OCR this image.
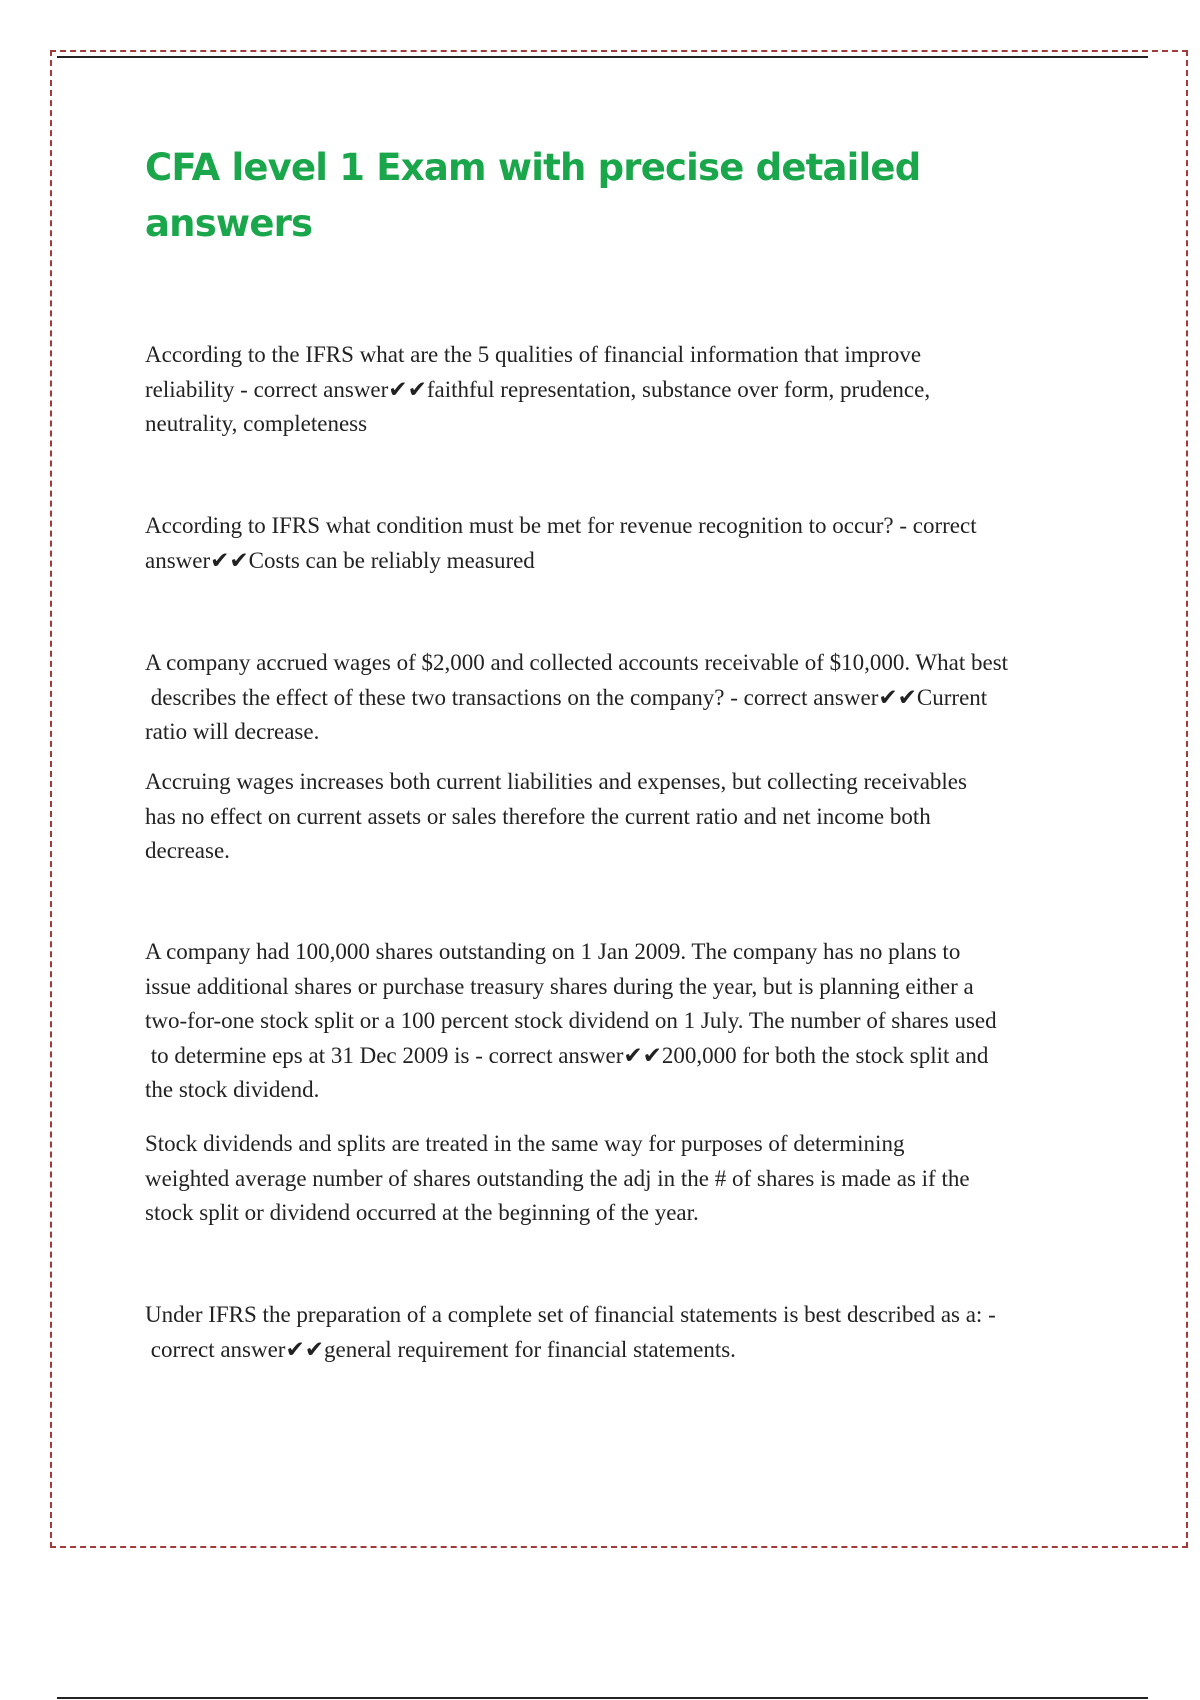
CFA level 1 Exam with precise detailed
answers

According to the IFRS what are the 5 qualities of financial information that improve
reliability - correct answer✔✔faithful representation, substance over form, prudence,
neutrality, completeness

According to IFRS what condition must be met for revenue recognition to occur? - correct
answer✔✔Costs can be reliably measured

A company accrued wages of $2,000 and collected accounts receivable of $10,000. What best
describes the effect of these two transactions on the company? - correct answer✔✔Current
ratio will decrease.

Accruing wages increases both current liabilities and expenses, but collecting receivables
has no effect on current assets or sales therefore the current ratio and net income both
decrease.

A company had 100,000 shares outstanding on 1 Jan 2009. The company has no plans to
issue additional shares or purchase treasury shares during the year, but is planning either a
two-for-one stock split or a 100 percent stock dividend on 1 July. The number of shares used
to determine eps at 31 Dec 2009 is - correct answer✔✔200,000 for both the stock split and
the stock dividend.

Stock dividends and splits are treated in the same way for purposes of determining
weighted average number of shares outstanding the adj in the # of shares is made as if the
stock split or dividend occurred at the beginning of the year.

Under IFRS the preparation of a complete set of financial statements is best described as a: -
correct answer✔✔general requirement for financial statements.
